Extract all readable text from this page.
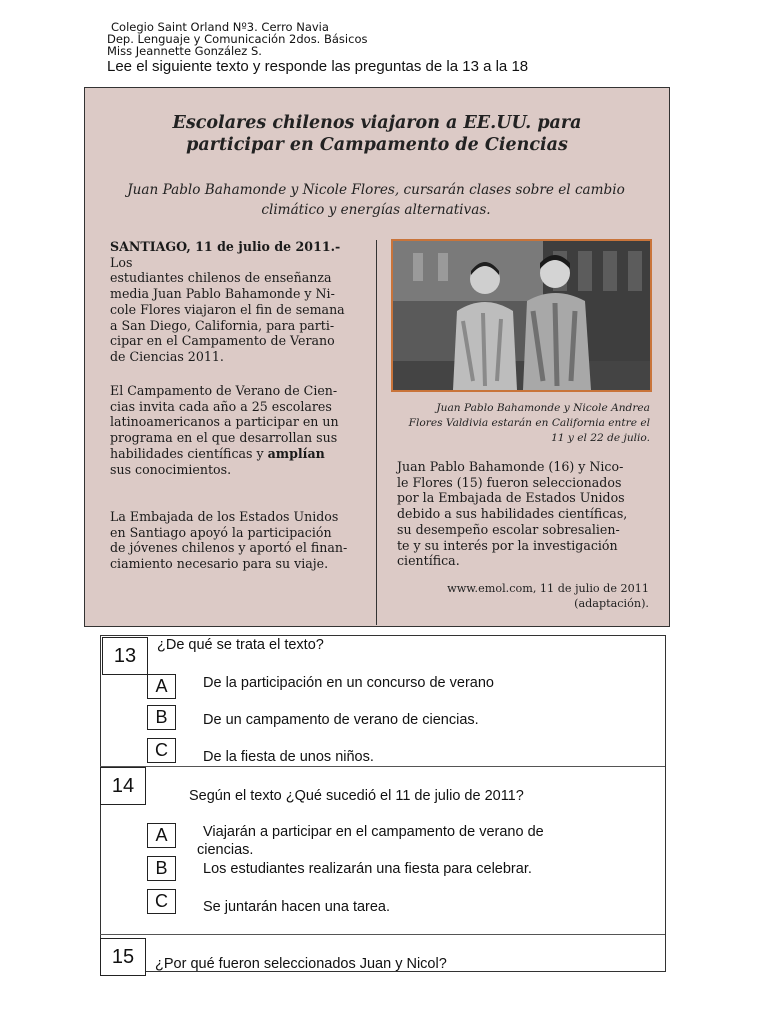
Colegio Saint Orland Nº3. Cerro Navia
Dep. Lenguaje y Comunicación 2dos. Básicos
Miss Jeannette González S.
Lee el siguiente texto y responde las preguntas de la 13 a la 18
Escolares chilenos viajaron a EE.UU. para
participar en Campamento de Ciencias
Juan Pablo Bahamonde y Nicole Flores, cursarán clases sobre el cambio
climático y energías alternativas.
SANTIAGO, 11 de julio de 2011.- Los
estudiantes chilenos de enseñanza
media Juan Pablo Bahamonde y Ni-
cole Flores viajaron el fin de semana
a San Diego, California, para parti-
cipar en el Campamento de Verano
de Ciencias 2011.
El Campamento de Verano de Cien-
cias invita cada año a 25 escolares
latinoamericanos a participar en un
programa en el que desarrollan sus
habilidades científicas y amplían
sus conocimientos.
La Embajada de los Estados Unidos
en Santiago apoyó la participación
de jóvenes chilenos y aportó el finan-
ciamiento necesario para su viaje.
Juan Pablo Bahamonde y Nicole Andrea
Flores Valdivia estarán en California entre el
11 y el 22 de julio.
Juan Pablo Bahamonde (16) y Nico-
le Flores (15) fueron seleccionados
por la Embajada de Estados Unidos
debido a sus habilidades científicas,
su desempeño escolar sobresalien-
te y su interés por la investigación
científica.
www.emol.com, 11 de julio de 2011
(adaptación).
13	¿De qué se trata el texto?
A	De la participación en un concurso de verano
B	De un campamento de verano de ciencias.
C	De la fiesta de unos niños.
14	Según el texto ¿Qué sucedió el 11 de julio de 2011?
A	Viajarán a participar en el campamento de verano de
ciencias.
B	Los estudiantes realizarán una fiesta para celebrar.
C	Se juntarán hacen una tarea.
15	¿Por qué fueron seleccionados Juan y Nicol?
